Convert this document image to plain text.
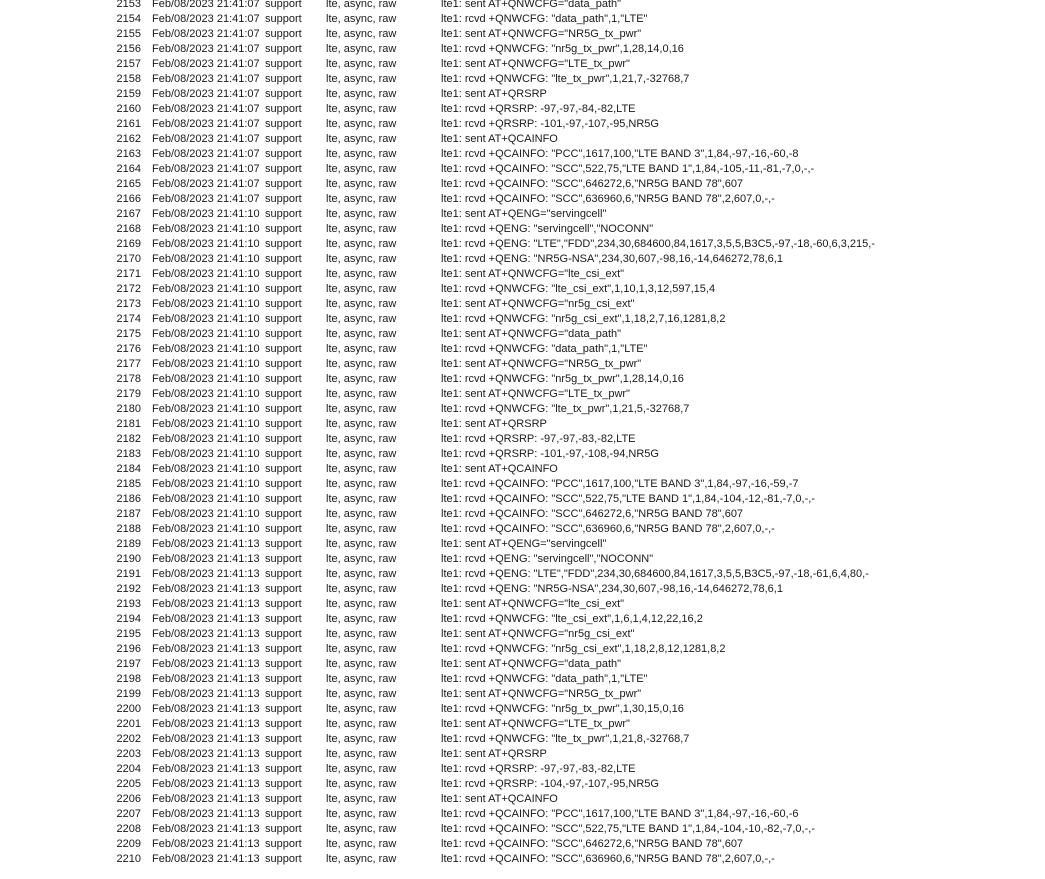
2153 Feb/08/2023 21:41:07 support lte, async, raw	lte1: sent AT+QNWCFG="data_path"
2154 Feb/08/2023 21:41:07 support lte, async, raw	lte1: rcvd +QNWCFG: "data_path",1,"LTE"
2155 Feb/08/2023 21:41:07 support lte, async, raw	lte1: sent AT+QNWCFG="NR5G_tx_pwr"
2156 Feb/08/2023 21:41:07 support lte, async, raw	lte1: rcvd +QNWCFG: "nr5g_tx_pwr",1,28,14,0,16
2157 Feb/08/2023 21:41:07 support lte, async, raw	lte1: sent AT+QNWCFG="LTE_tx_pwr"
2158 Feb/08/2023 21:41:07 support lte, async, raw	lte1: rcvd +QNWCFG: "lte_tx_pwr",1,21,7,-32768,7
2159 Feb/08/2023 21:41:07 support lte, async, raw	lte1: sent AT+QRSRP
2160 Feb/08/2023 21:41:07 support lte, async, raw	lte1: rcvd +QRSRP: -97,-97,-84,-82,LTE
2161 Feb/08/2023 21:41:07 support lte, async, raw	lte1: rcvd +QRSRP: -101,-97,-107,-95,NR5G
2162 Feb/08/2023 21:41:07 support lte, async, raw	lte1: sent AT+QCAINFO
2163 Feb/08/2023 21:41:07 support lte, async, raw	lte1: rcvd +QCAINFO: "PCC",1617,100,"LTE BAND 3",1,84,-97,-16,-60,-8
2164 Feb/08/2023 21:41:07 support lte, async, raw	lte1: rcvd +QCAINFO: "SCC",522,75,"LTE BAND 1",1,84,-105,-11,-81,-7,0,-,-
2165 Feb/08/2023 21:41:07 support lte, async, raw	lte1: rcvd +QCAINFO: "SCC",646272,6,"NR5G BAND 78",607
2166 Feb/08/2023 21:41:07 support lte, async, raw	lte1: rcvd +QCAINFO: "SCC",636960,6,"NR5G BAND 78",2,607,0,-,-
2167 Feb/08/2023 21:41:10 support lte, async, raw	lte1: sent AT+QENG="servingcell"
2168 Feb/08/2023 21:41:10 support lte, async, raw	lte1: rcvd +QENG: "servingcell","NOCONN"
2169 Feb/08/2023 21:41:10 support lte, async, raw	lte1: rcvd +QENG: "LTE","FDD",234,30,684600,84,1617,3,5,5,B3C5,-97,-18,-60,6,3,215,-
2170 Feb/08/2023 21:41:10 support lte, async, raw	lte1: rcvd +QENG: "NR5G-NSA",234,30,607,-98,16,-14,646272,78,6,1
2171 Feb/08/2023 21:41:10 support lte, async, raw	lte1: sent AT+QNWCFG="lte_csi_ext"
2172 Feb/08/2023 21:41:10 support lte, async, raw	lte1: rcvd +QNWCFG: "lte_csi_ext",1,10,1,3,12,597,15,4
2173 Feb/08/2023 21:41:10 support lte, async, raw	lte1: sent AT+QNWCFG="nr5g_csi_ext"
2174 Feb/08/2023 21:41:10 support lte, async, raw	lte1: rcvd +QNWCFG: "nr5g_csi_ext",1,18,2,7,16,1281,8,2
2175 Feb/08/2023 21:41:10 support lte, async, raw	lte1: sent AT+QNWCFG="data_path"
2176 Feb/08/2023 21:41:10 support lte, async, raw	lte1: rcvd +QNWCFG: "data_path",1,"LTE"
2177 Feb/08/2023 21:41:10 support lte, async, raw	lte1: sent AT+QNWCFG="NR5G_tx_pwr"
2178 Feb/08/2023 21:41:10 support lte, async, raw	lte1: rcvd +QNWCFG: "nr5g_tx_pwr",1,28,14,0,16
2179 Feb/08/2023 21:41:10 support lte, async, raw	lte1: sent AT+QNWCFG="LTE_tx_pwr"
2180 Feb/08/2023 21:41:10 support lte, async, raw	lte1: rcvd +QNWCFG: "lte_tx_pwr",1,21,5,-32768,7
2181 Feb/08/2023 21:41:10 support lte, async, raw	lte1: sent AT+QRSRP
2182 Feb/08/2023 21:41:10 support lte, async, raw	lte1: rcvd +QRSRP: -97,-97,-83,-82,LTE
2183 Feb/08/2023 21:41:10 support lte, async, raw	lte1: rcvd +QRSRP: -101,-97,-108,-94,NR5G
2184 Feb/08/2023 21:41:10 support lte, async, raw	lte1: sent AT+QCAINFO
2185 Feb/08/2023 21:41:10 support lte, async, raw	lte1: rcvd +QCAINFO: "PCC",1617,100,"LTE BAND 3",1,84,-97,-16,-59,-7
2186 Feb/08/2023 21:41:10 support lte, async, raw	lte1: rcvd +QCAINFO: "SCC",522,75,"LTE BAND 1",1,84,-104,-12,-81,-7,0,-,-
2187 Feb/08/2023 21:41:10 support lte, async, raw	lte1: rcvd +QCAINFO: "SCC",646272,6,"NR5G BAND 78",607
2188 Feb/08/2023 21:41:10 support lte, async, raw	lte1: rcvd +QCAINFO: "SCC",636960,6,"NR5G BAND 78",2,607,0,-,-
2189 Feb/08/2023 21:41:13 support lte, async, raw	lte1: sent AT+QENG="servingcell"
2190 Feb/08/2023 21:41:13 support lte, async, raw	lte1: rcvd +QENG: "servingcell","NOCONN"
2191 Feb/08/2023 21:41:13 support lte, async, raw	lte1: rcvd +QENG: "LTE","FDD",234,30,684600,84,1617,3,5,5,B3C5,-97,-18,-61,6,4,80,-
2192 Feb/08/2023 21:41:13 support lte, async, raw	lte1: rcvd +QENG: "NR5G-NSA",234,30,607,-98,16,-14,646272,78,6,1
2193 Feb/08/2023 21:41:13 support lte, async, raw	lte1: sent AT+QNWCFG="lte_csi_ext"
2194 Feb/08/2023 21:41:13 support lte, async, raw	lte1: rcvd +QNWCFG: "lte_csi_ext",1,6,1,4,12,22,16,2
2195 Feb/08/2023 21:41:13 support lte, async, raw	lte1: sent AT+QNWCFG="nr5g_csi_ext"
2196 Feb/08/2023 21:41:13 support lte, async, raw	lte1: rcvd +QNWCFG: "nr5g_csi_ext",1,18,2,8,12,1281,8,2
2197 Feb/08/2023 21:41:13 support lte, async, raw	lte1: sent AT+QNWCFG="data_path"
2198 Feb/08/2023 21:41:13 support lte, async, raw	lte1: rcvd +QNWCFG: "data_path",1,"LTE"
2199 Feb/08/2023 21:41:13 support lte, async, raw	lte1: sent AT+QNWCFG="NR5G_tx_pwr"
2200 Feb/08/2023 21:41:13 support lte, async, raw	lte1: rcvd +QNWCFG: "nr5g_tx_pwr",1,30,15,0,16
2201 Feb/08/2023 21:41:13 support lte, async, raw	lte1: sent AT+QNWCFG="LTE_tx_pwr"
2202 Feb/08/2023 21:41:13 support lte, async, raw	lte1: rcvd +QNWCFG: "lte_tx_pwr",1,21,8,-32768,7
2203 Feb/08/2023 21:41:13 support lte, async, raw	lte1: sent AT+QRSRP
2204 Feb/08/2023 21:41:13 support lte, async, raw	lte1: rcvd +QRSRP: -97,-97,-83,-82,LTE
2205 Feb/08/2023 21:41:13 support lte, async, raw	lte1: rcvd +QRSRP: -104,-97,-107,-95,NR5G
2206 Feb/08/2023 21:41:13 support lte, async, raw	lte1: sent AT+QCAINFO
2207 Feb/08/2023 21:41:13 support lte, async, raw	lte1: rcvd +QCAINFO: "PCC",1617,100,"LTE BAND 3",1,84,-97,-16,-60,-6
2208 Feb/08/2023 21:41:13 support lte, async, raw	lte1: rcvd +QCAINFO: "SCC",522,75,"LTE BAND 1",1,84,-104,-10,-82,-7,0,-,-
2209 Feb/08/2023 21:41:13 support lte, async, raw	lte1: rcvd +QCAINFO: "SCC",646272,6,"NR5G BAND 78",607
2210 Feb/08/2023 21:41:13 support lte, async, raw	lte1: rcvd +QCAINFO: "SCC",636960,6,"NR5G BAND 78",2,607,0,-,-
